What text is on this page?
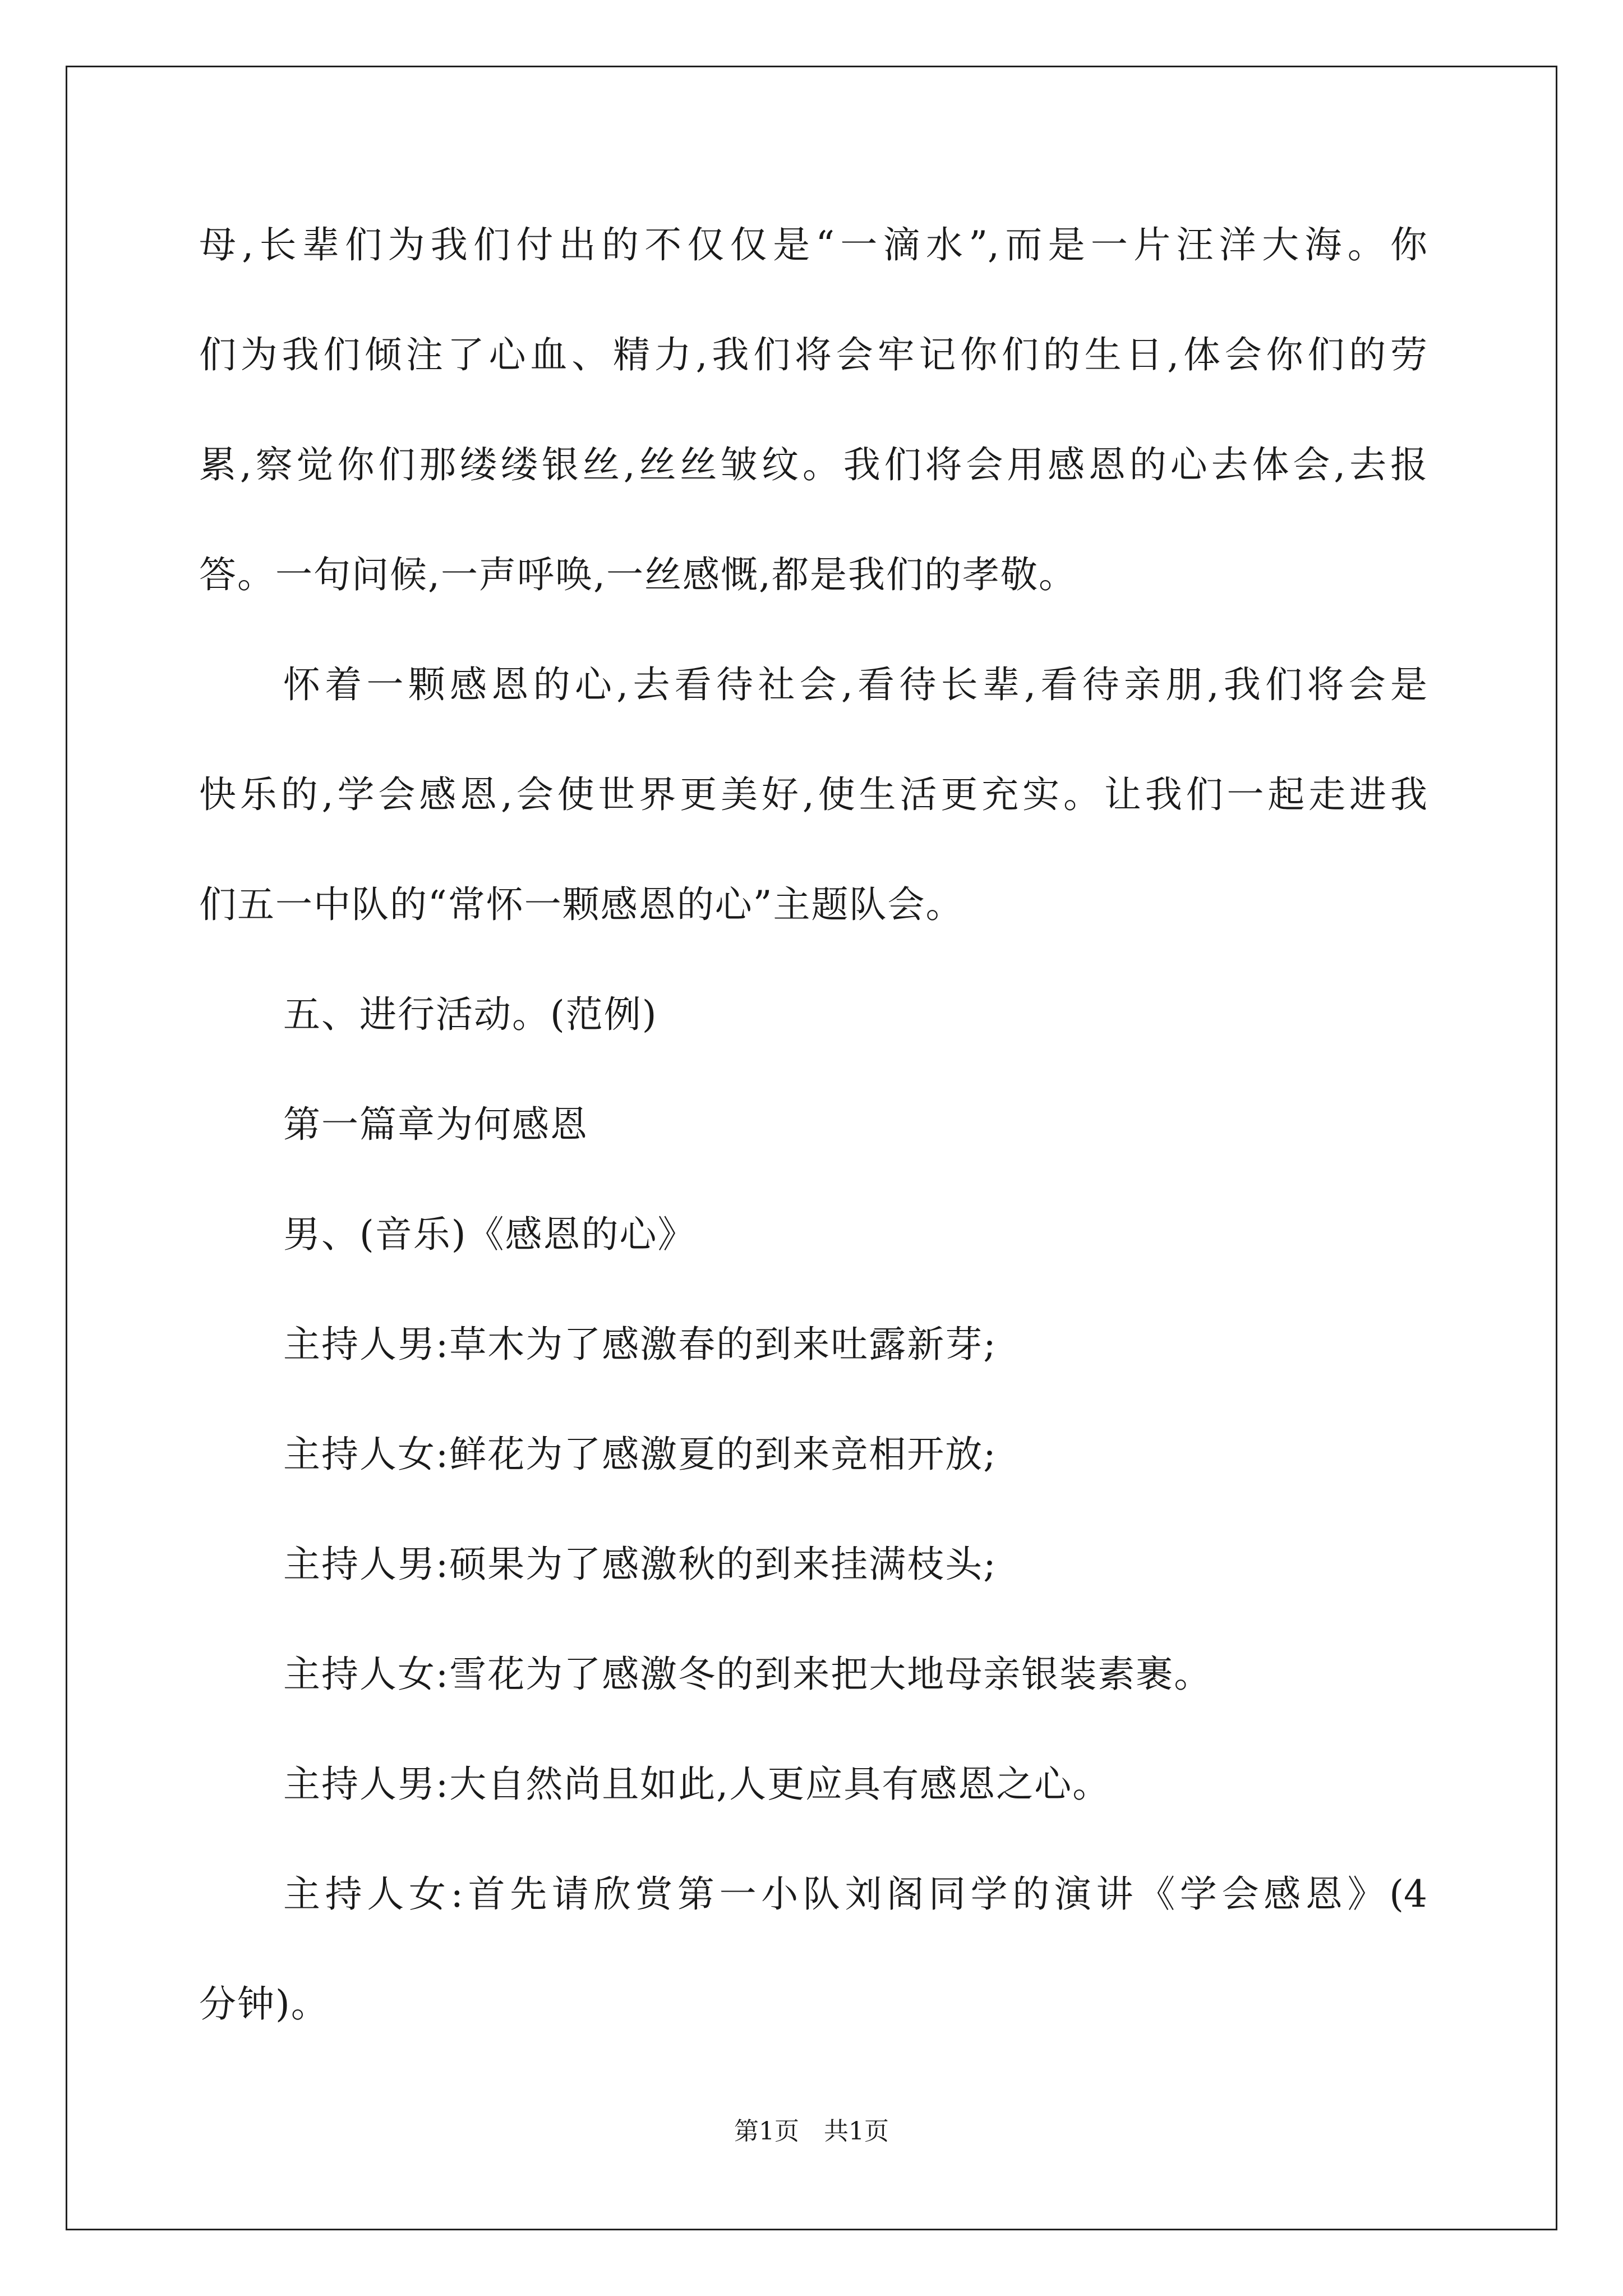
母,长辈们为我们付出的不仅仅是“一滴水”,而是一片汪洋大海。你
们为我们倾注了心血、精力,我们将会牢记你们的生日,体会你们的劳
累,察觉你们那缕缕银丝,丝丝皱纹。我们将会用感恩的心去体会,去报
答。一句问候,一声呼唤,一丝感慨,都是我们的孝敬。
怀着一颗感恩的心,去看待社会,看待长辈,看待亲朋,我们将会是
快乐的,学会感恩,会使世界更美好,使生活更充实。让我们一起走进我
们五一中队的“常怀一颗感恩的心”主题队会。
五、进行活动。(范例)
第一篇章为何感恩
男、(音乐)《感恩的心》
主持人男:草木为了感激春的到来吐露新芽;
主持人女:鲜花为了感激夏的到来竞相开放;
主持人男:硕果为了感激秋的到来挂满枝头;
主持人女:雪花为了感激冬的到来把大地母亲银装素裹。
主持人男:大自然尚且如此,人更应具有感恩之心。
主持人女:首先请欣赏第一小队刘阁同学的演讲《学会感恩》(4
分钟)。
第1页 共1页
